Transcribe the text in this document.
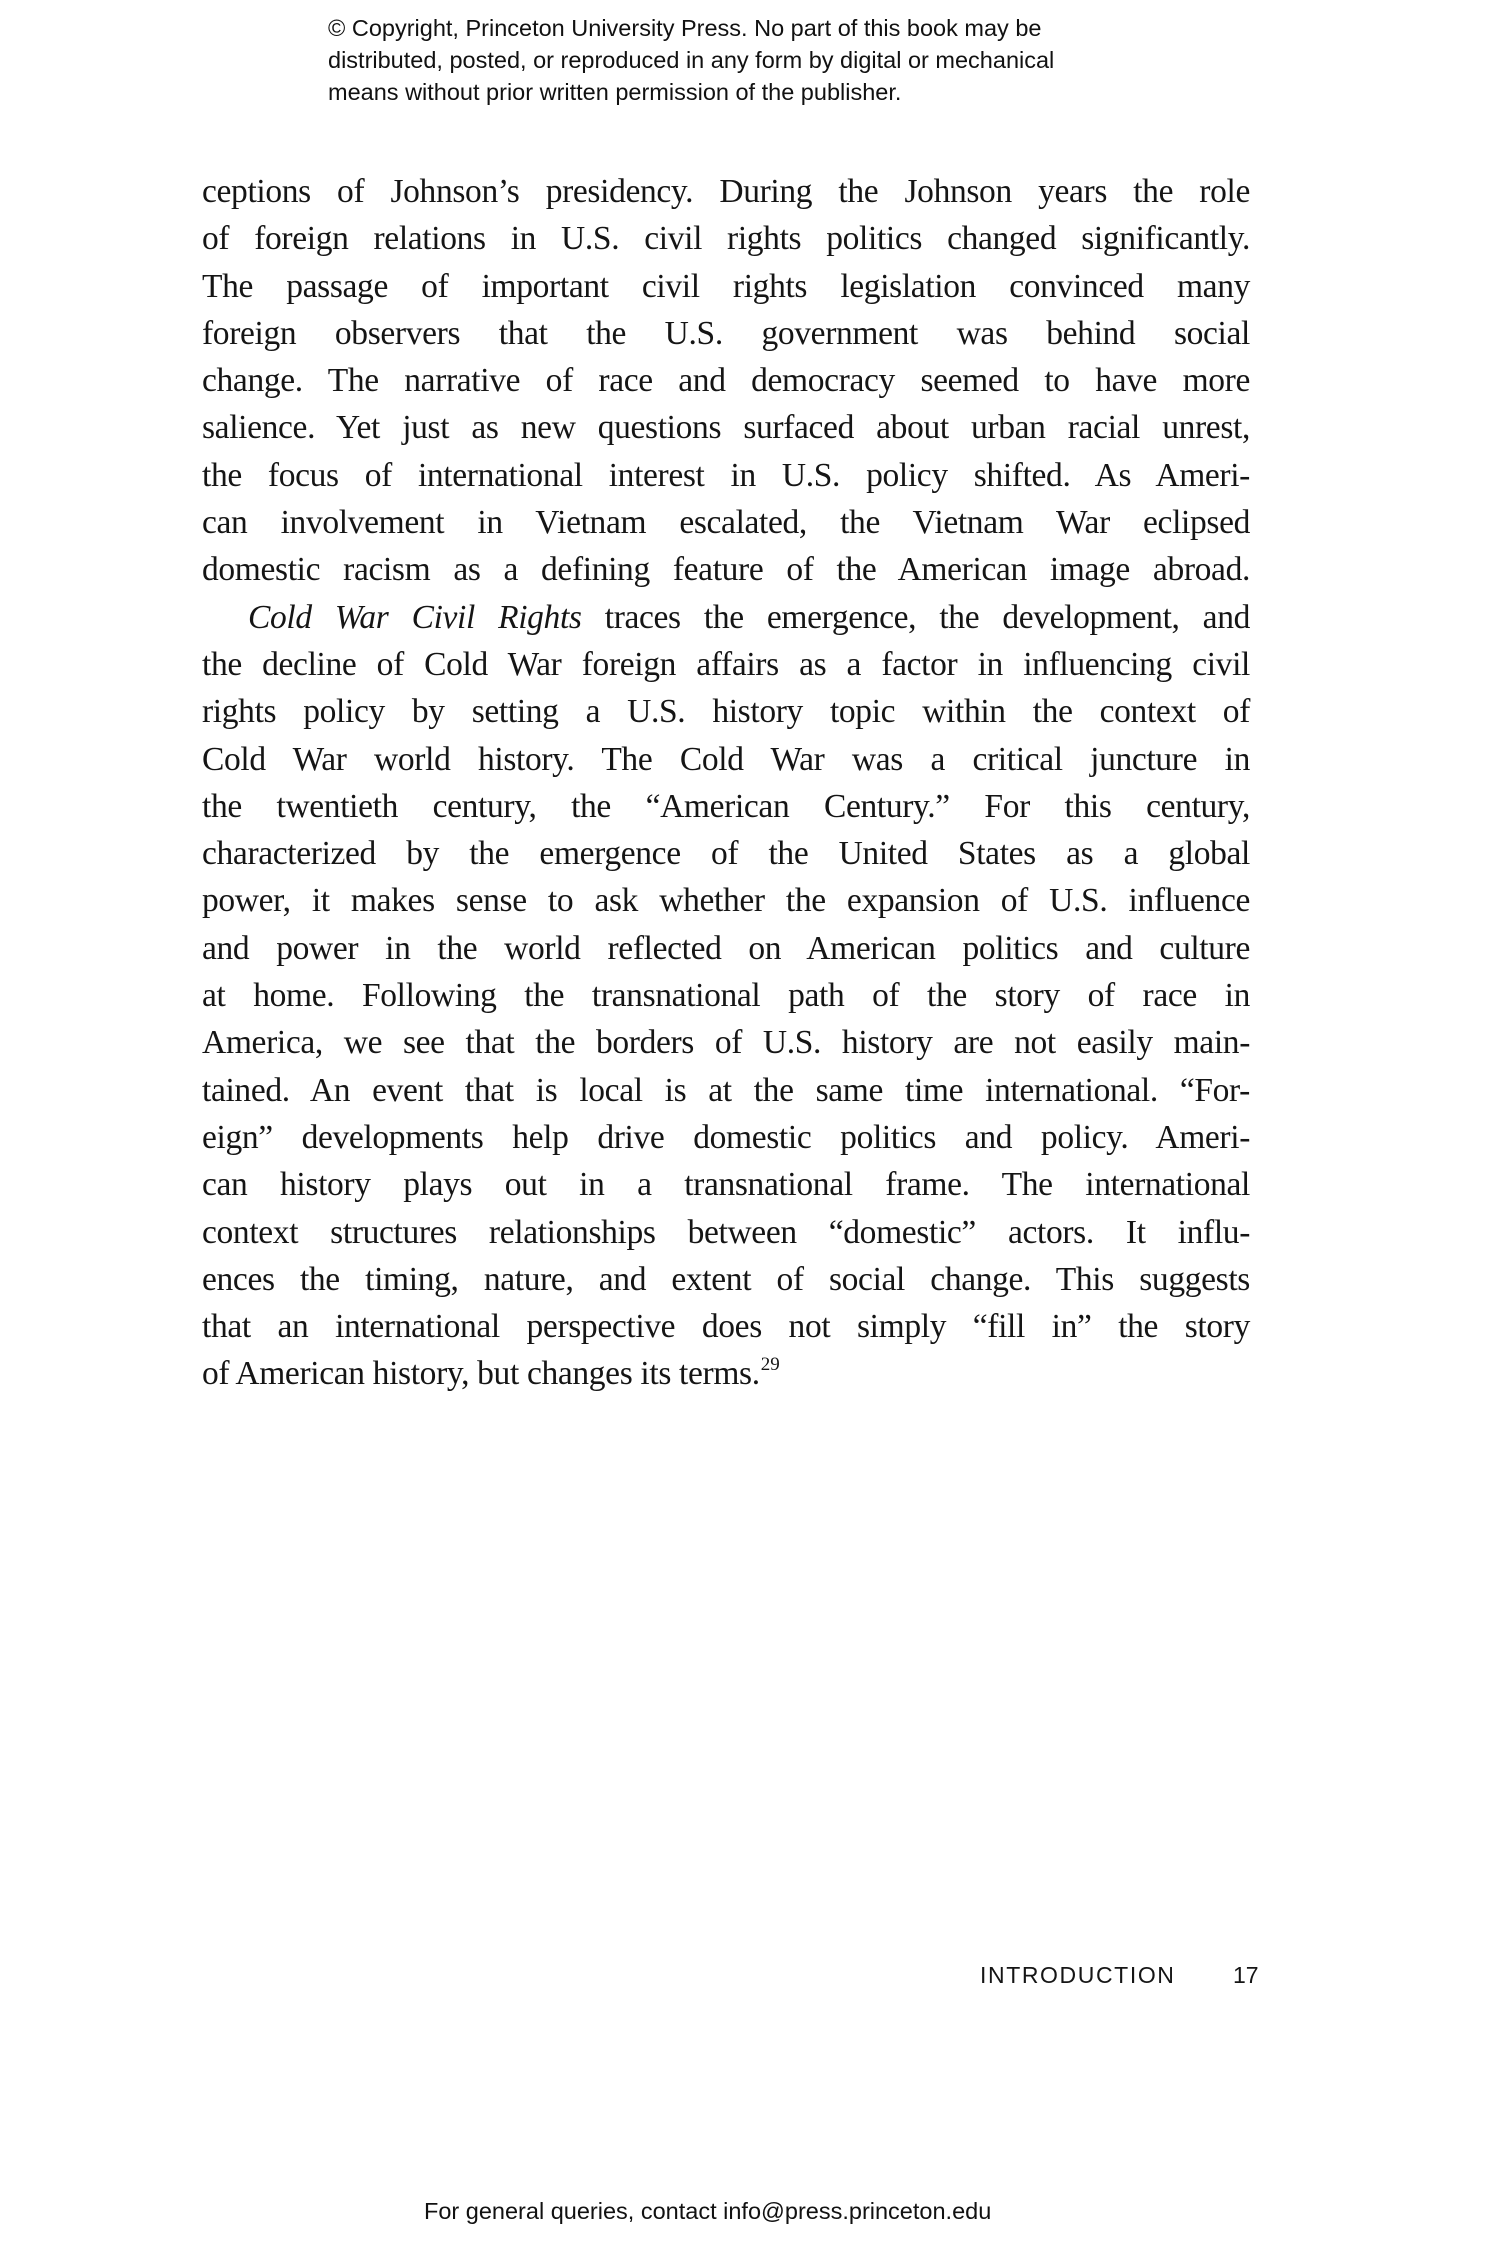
© Copyright, Princeton University Press. No part of this book may be
distributed, posted, or reproduced in any form by digital or mechanical
means without prior written permission of the publisher.
ceptions of Johnson’s presidency. During the Johnson years the role
of foreign relations in U.S. civil rights politics changed significantly.
The passage of important civil rights legislation convinced many
foreign observers that the U.S. government was behind social
change. The narrative of race and democracy seemed to have more
salience. Yet just as new questions surfaced about urban racial unrest,
the focus of international interest in U.S. policy shifted. As Ameri-
can involvement in Vietnam escalated, the Vietnam War eclipsed
domestic racism as a defining feature of the American image abroad.
Cold War Civil Rights traces the emergence, the development, and
the decline of Cold War foreign affairs as a factor in influencing civil
rights policy by setting a U.S. history topic within the context of
Cold War world history. The Cold War was a critical juncture in
the twentieth century, the “American Century.” For this century,
characterized by the emergence of the United States as a global
power, it makes sense to ask whether the expansion of U.S. influence
and power in the world reflected on American politics and culture
at home. Following the transnational path of the story of race in
America, we see that the borders of U.S. history are not easily main-
tained. An event that is local is at the same time international. “For-
eign” developments help drive domestic politics and policy. Ameri-
can history plays out in a transnational frame. The international
context structures relationships between “domestic” actors. It influ-
ences the timing, nature, and extent of social change. This suggests
that an international perspective does not simply “fill in” the story
of American history, but changes its terms.$^{29}$
INTRODUCTION 17
For general queries, contact info@press.princeton.edu
